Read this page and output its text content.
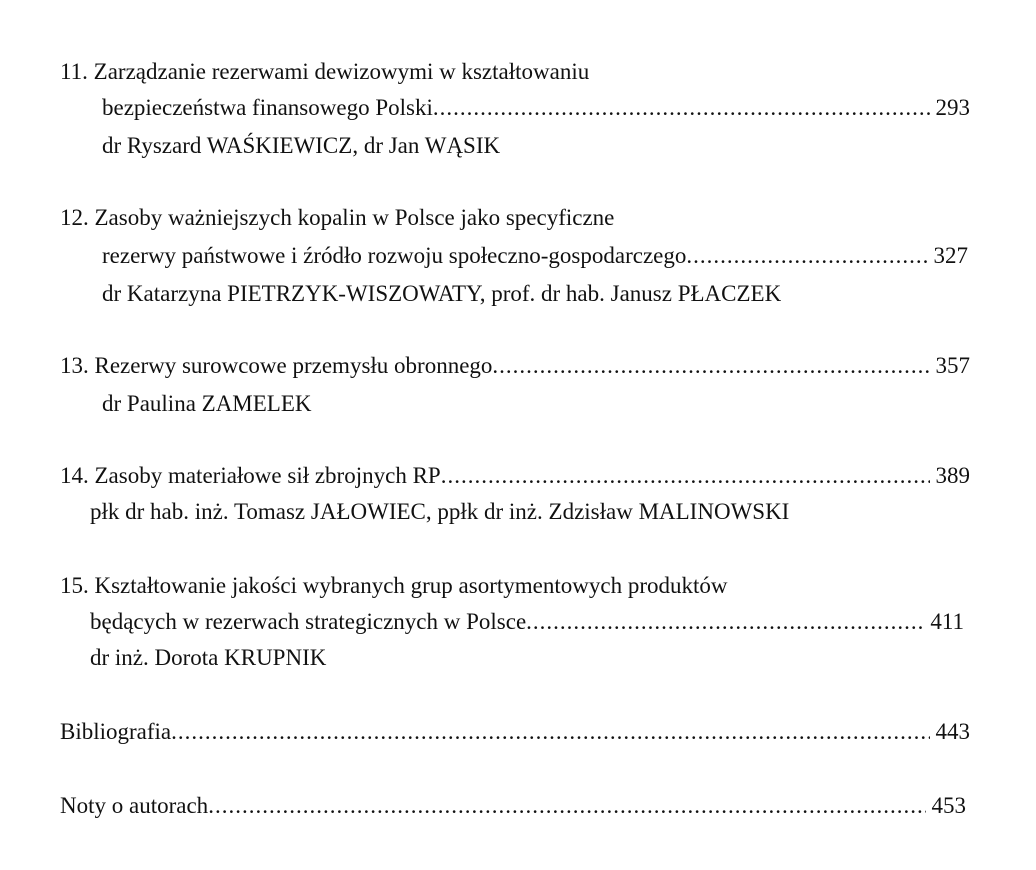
11. Zarządzanie rezerwami dewizowymi w kształtowaniu
bezpieczeństwa finansowego Polski .....	293
dr Ryszard WAŚKIEWICZ, dr Jan WĄSIK
12. Zasoby ważniejszych kopalin w Polsce jako specyficzne
rezerwy państwowe i źródło rozwoju społeczno-gospodarczego .....	327
dr Katarzyna PIETRZYK-WISZOWATY, prof. dr hab. Janusz PŁACZEK
13.
Rezerwy surowcowe przemysłu obronnego .....	357
dr Paulina ZAMELEK
14.
Zasoby materiałowe sił zbrojnych RP .....	389
płk dr hab. inż. Tomasz JAŁOWIEC, ppłk dr inż. Zdzisław MALINOWSKI
15. Kształtowanie jakości wybranych grup asortymentowych produktów
będących w rezerwach strategicznych w Polsce .....	411
dr inż. Dorota KRUPNIK
Bibliografia .....	443
Noty o autorach .....	453
